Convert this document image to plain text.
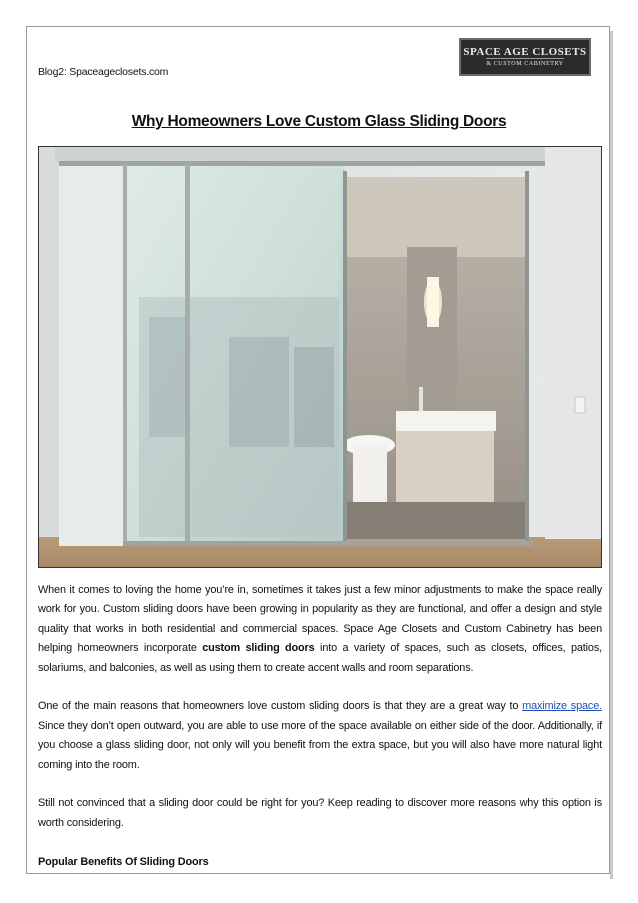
Blog2: Spaceageclosets.com
SPACE AGE CLOSETS
& CUSTOM CABINETRY
Why Homeowners Love Custom Glass Sliding Doors

When it comes to loving the home you’re in, sometimes it takes just a few minor adjustments to make the space really work for you. Custom sliding doors have been growing in popularity as they are functional, and offer a design and style quality that works in both residential and commercial spaces. Space Age Closets and Custom Cabinetry has been helping homeowners incorporate custom sliding doors into a variety of spaces, such as closets, offices, patios, solariums, and balconies, as well as using them to create accent walls and room separations.

One of the main reasons that homeowners love custom sliding doors is that they are a great way to maximize space. Since they don’t open outward, you are able to use more of the space available on either side of the door. Additionally, if you choose a glass sliding door, not only will you benefit from the extra space, but you will also have more natural light coming into the room.

Still not convinced that a sliding door could be right for you? Keep reading to discover more reasons why this option is worth considering.

Popular Benefits Of Sliding Doors
